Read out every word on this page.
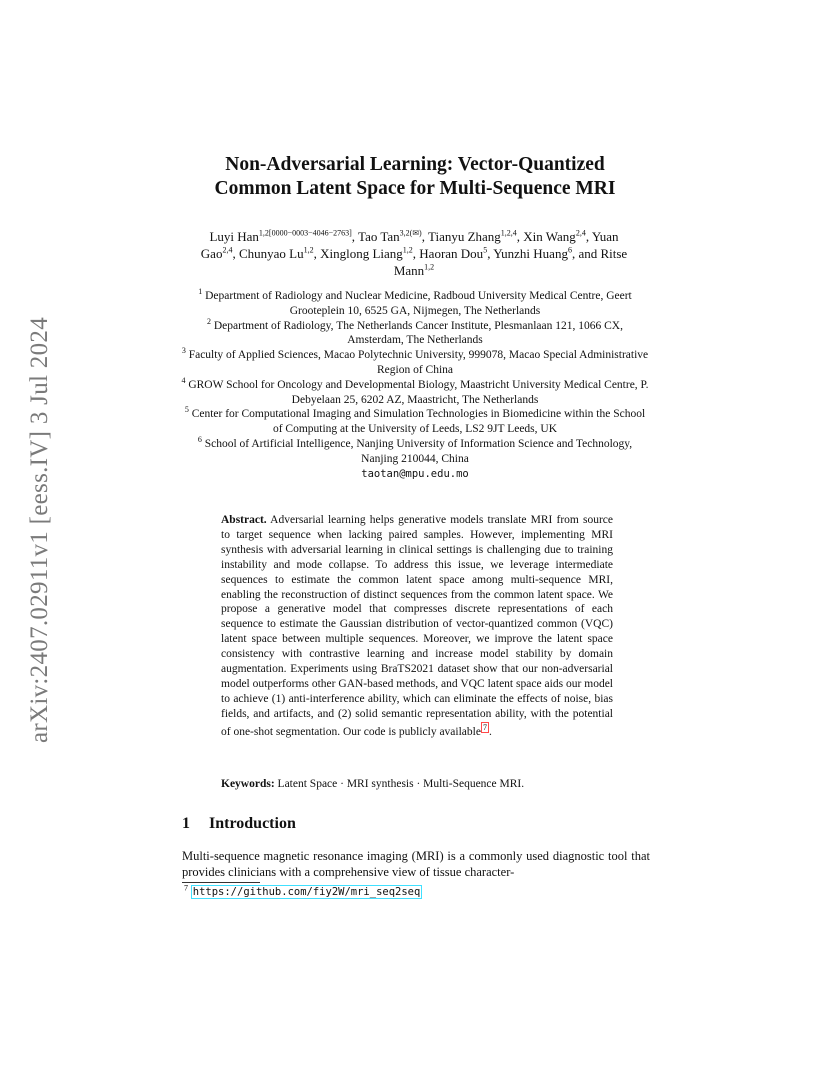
arXiv:2407.02911v1 [eess.IV] 3 Jul 2024
Non-Adversarial Learning: Vector-Quantized
Common Latent Space for Multi-Sequence MRI
Luyi Han$^{1,2[0000-0003-4046-2763]}$, Tao Tan$^{3,2(✉)}$, Tianyu Zhang$^{1,2,4}$, Xin Wang$^{2,4}$, Yuan Gao$^{2,4}$, Chunyao Lu$^{1,2}$, Xinglong Liang$^{1,2}$, Haoran Dou$^5$, Yunzhi Huang$^6$, and Ritse Mann$^{1,2}$

$^1$ Department of Radiology and Nuclear Medicine, Radboud University Medical Centre, Geert Grooteplein 10, 6525 GA, Nijmegen, The Netherlands

$^2$ Department of Radiology, The Netherlands Cancer Institute, Plesmanlaan 121, 1066 CX, Amsterdam, The Netherlands

$^3$ Faculty of Applied Sciences, Macao Polytechnic University, 999078, Macao Special Administrative Region of China

$^4$ GROW School for Oncology and Developmental Biology, Maastricht University Medical Centre, P. Debyelaan 25, 6202 AZ, Maastricht, The Netherlands

$^5$ Center for Computational Imaging and Simulation Technologies in Biomedicine within the School of Computing at the University of Leeds, LS2 9JT Leeds, UK

$^6$ School of Artificial Intelligence, Nanjing University of Information Science and Technology, Nanjing 210044, China

taotan@mpu.edu.mo

Abstract. Adversarial learning helps generative models translate MRI from source to target sequence when lacking paired samples. However, implementing MRI synthesis with adversarial learning in clinical settings is challenging due to training instability and mode collapse. To address this issue, we leverage intermediate sequences to estimate the common latent space among multi-sequence MRI, enabling the reconstruction of distinct sequences from the common latent space. We propose a generative model that compresses discrete representations of each sequence to estimate the Gaussian distribution of vector-quantized common (VQC) latent space between multiple sequences. Moreover, we improve the latent space consistency with contrastive learning and increase model stability by domain augmentation. Experiments using BraTS2021 dataset show that our non-adversarial model outperforms other GAN-based methods, and VQC latent space aids our model to achieve (1) anti-interference ability, which can eliminate the effects of noise, bias fields, and artifacts, and (2) solid semantic representation ability, with the potential of one-shot segmentation. Our code is publicly available 7 .
Keywords: Latent Space · MRI synthesis · Multi-Sequence MRI.
1 Introduction
Multi-sequence magnetic resonance imaging (MRI) is a commonly used diagnostic tool that provides clinicians with a comprehensive view of tissue character-
$^7$ https://github.com/fiy2W/mri_seq2seq
